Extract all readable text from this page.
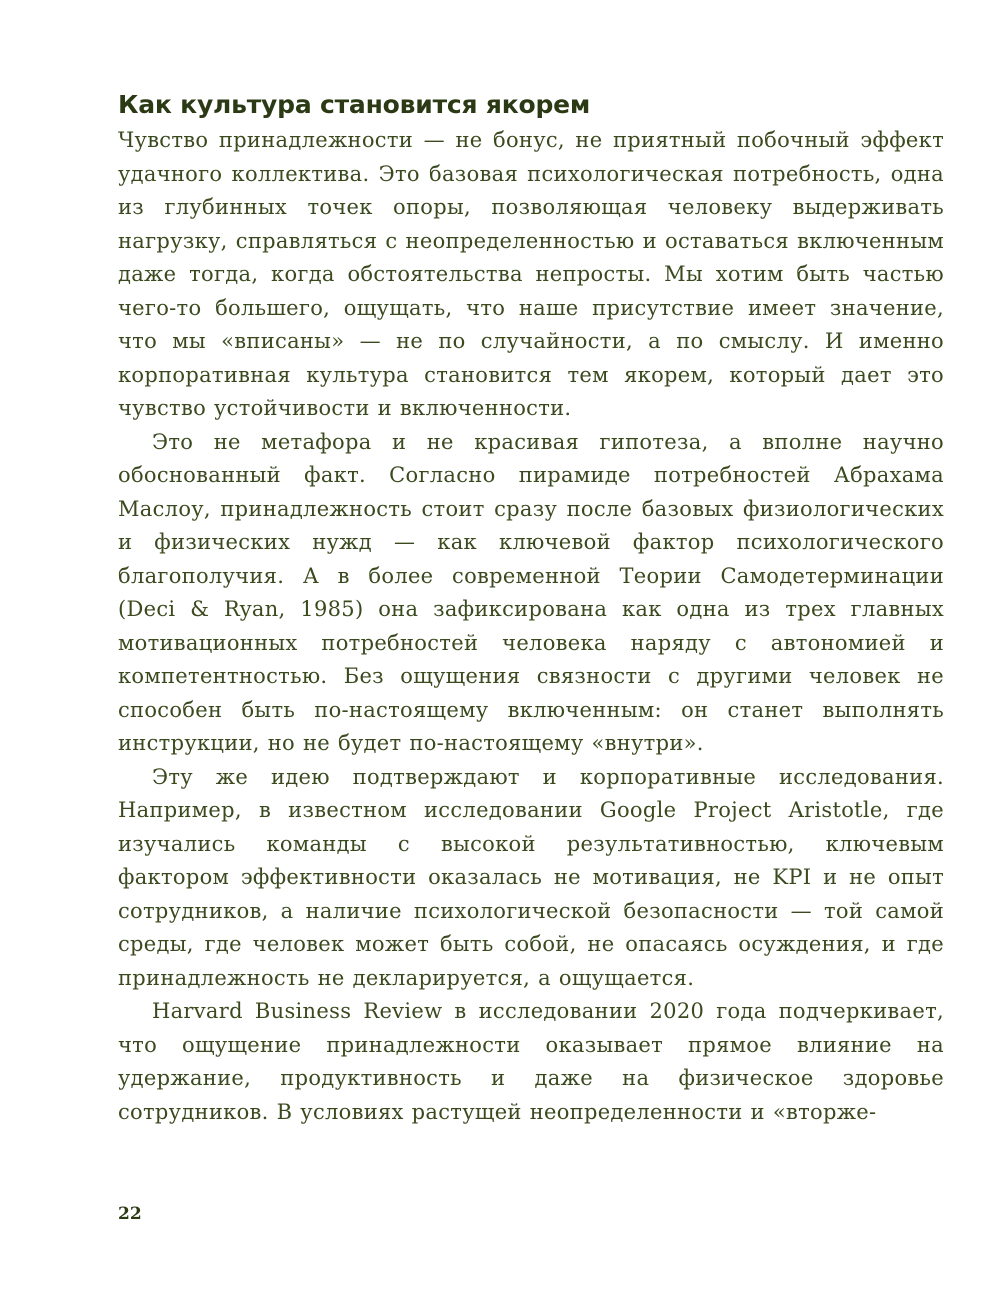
Как культура становится якорем

Чувство принадлежности — не бонус, не приятный побочный эффект удачного коллектива. Это базовая психологическая потребность, одна из глубинных точек опоры, позволяющая человеку выдерживать нагрузку, справляться с неопределенностью и оставаться включенным даже тогда, когда обстоятельства непросты. Мы хотим быть частью чего-то большего, ощущать, что наше присутствие имеет значение, что мы «вписаны» — не по случайности, а по смыслу. И именно корпоративная культура становится тем якорем, который дает это чувство устойчивости и включенности.

Это не метафора и не красивая гипотеза, а вполне научно обоснованный факт. Согласно пирамиде потребностей Абрахама Маслоу, принадлежность стоит сразу после базовых физиологических и физических нужд — как ключевой фактор психологического благополучия. А в более современной Теории Самодетерминации (Deci & Ryan, 1985) она зафиксирована как одна из трех главных мотивационных потребностей человека наряду с автономией и компетентностью. Без ощущения связности с другими человек не способен быть по-настоящему включенным: он станет выполнять инструкции, но не будет по-настоящему «внутри».

Эту же идею подтверждают и корпоративные исследования. Например, в известном исследовании Google Project Aristotle, где изучались команды с высокой результативностью, ключевым фактором эффективности оказалась не мотивация, не KPI и не опыт сотрудников, а наличие психологической безопасности — той самой среды, где человек может быть собой, не опасаясь осуждения, и где принадлежность не декларируется, а ощущается.

Harvard Business Review в исследовании 2020 года подчеркивает, что ощущение принадлежности оказывает прямое влияние на удержание, продуктивность и даже на физическое здоровье сотрудников. В условиях растущей неопределенности и «вторже-

22
